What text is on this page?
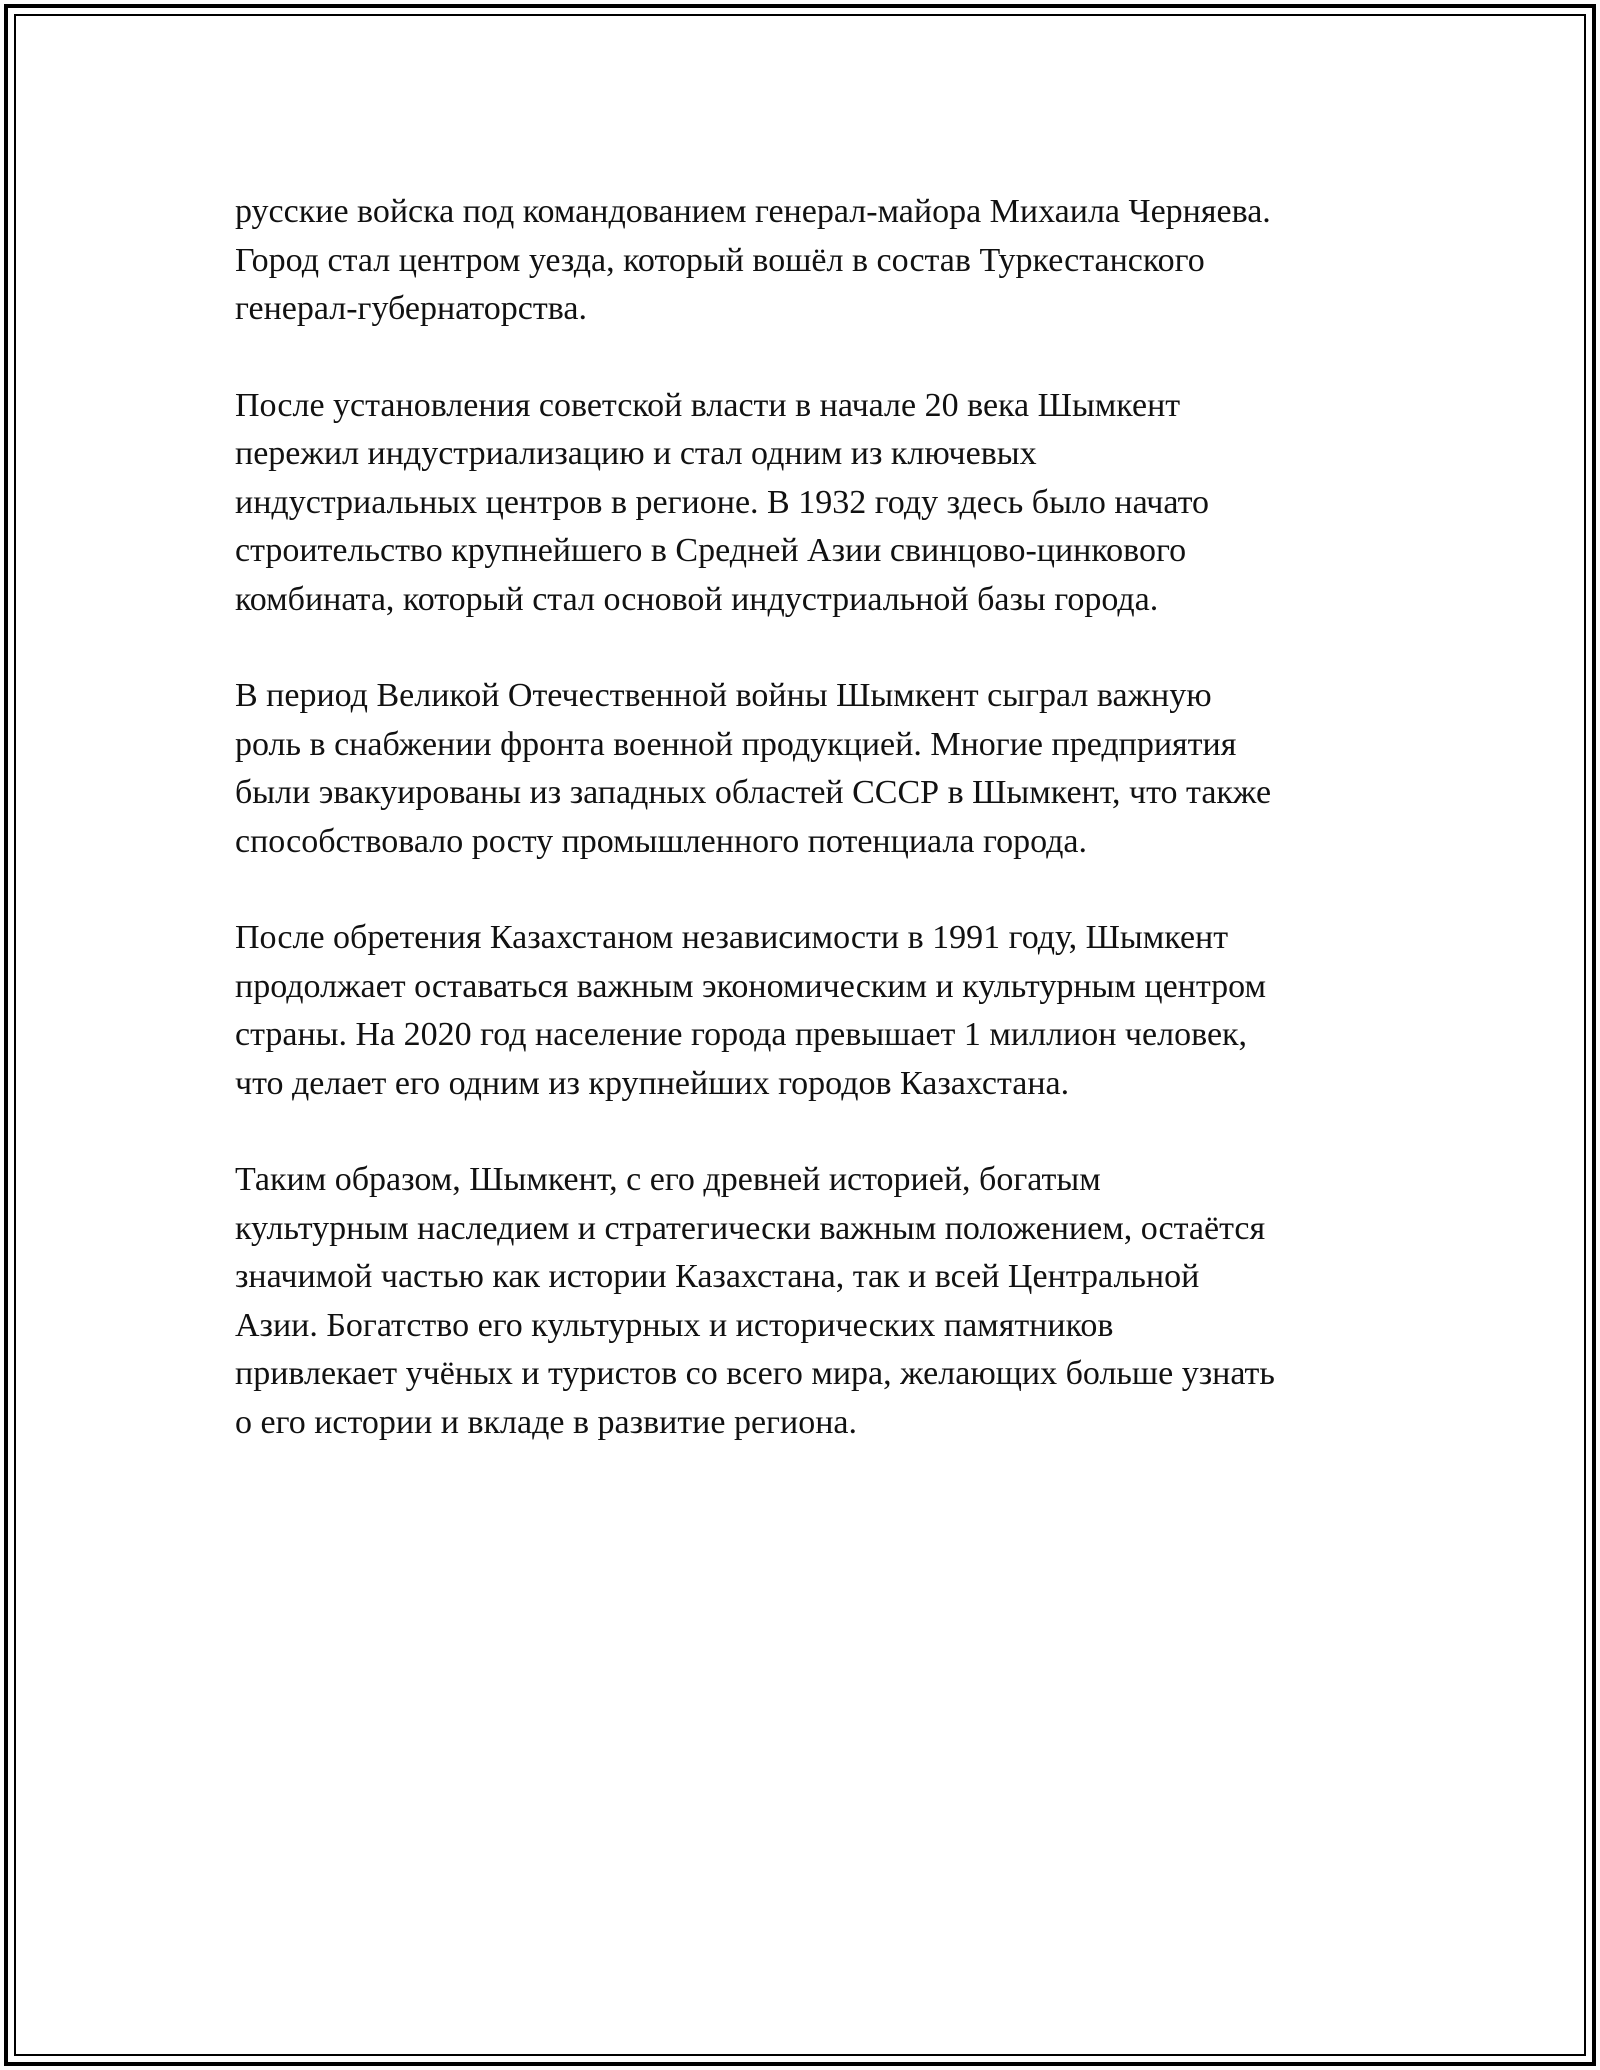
русские войска под командованием генерал-майора Михаила Черняева.
Город стал центром уезда, который вошёл в состав Туркестанского
генерал-губернаторства.

После установления советской власти в начале 20 века Шымкент
пережил индустриализацию и стал одним из ключевых
индустриальных центров в регионе. В 1932 году здесь было начато
строительство крупнейшего в Средней Азии свинцово-цинкового
комбината, который стал основой индустриальной базы города.

В период Великой Отечественной войны Шымкент сыграл важную
роль в снабжении фронта военной продукцией. Многие предприятия
были эвакуированы из западных областей СССР в Шымкент, что также
способствовало росту промышленного потенциала города.

После обретения Казахстаном независимости в 1991 году, Шымкент
продолжает оставаться важным экономическим и культурным центром
страны. На 2020 год население города превышает 1 миллион человек,
что делает его одним из крупнейших городов Казахстана.

Таким образом, Шымкент, с его древней историей, богатым
культурным наследием и стратегически важным положением, остаётся
значимой частью как истории Казахстана, так и всей Центральной
Азии. Богатство его культурных и исторических памятников
привлекает учёных и туристов со всего мира, желающих больше узнать
о его истории и вкладе в развитие региона.
